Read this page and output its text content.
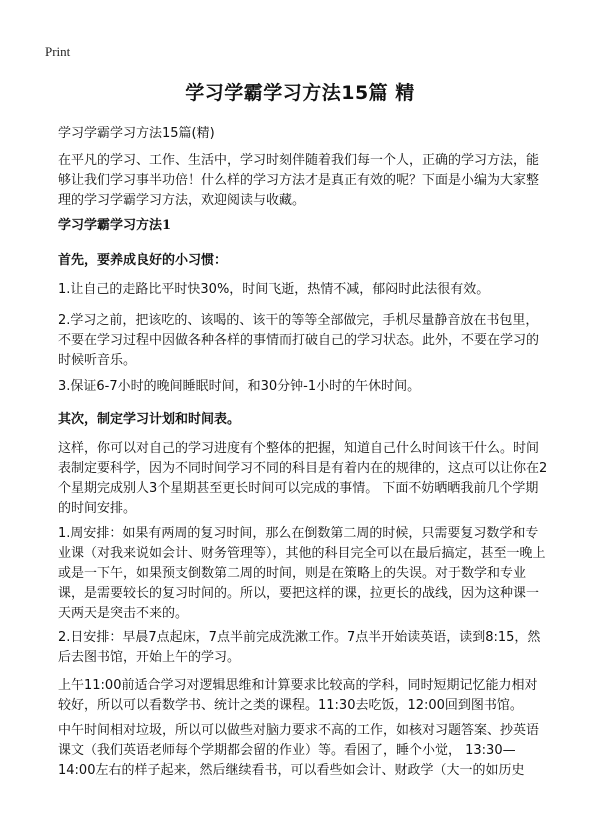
Print
学习学霸学习方法15篇 精
学习学霸学习方法15篇(精)

在平凡的学习、工作、生活中，学习时刻伴随着我们每一个人，正确的学习方法，能够让我们学习事半功倍！什么样的学习方法才是真正有效的呢？下面是小编为大家整理的学习学霸学习方法，欢迎阅读与收藏。

学习学霸学习方法1

首先，要养成良好的小习惯：

1.让自己的走路比平时快30%，时间飞逝，热情不减，郁闷时此法很有效。

2.学习之前，把该吃的、该喝的、该干的等等全部做完，手机尽量静音放在书包里，不要在学习过程中因做各种各样的事情而打破自己的学习状态。此外，不要在学习的时候听音乐。

3.保证6-7小时的晚间睡眠时间，和30分钟-1小时的午休时间。

其次，制定学习计划和时间表。

这样，你可以对自己的学习进度有个整体的把握，知道自己什么时间该干什么。时间表制定要科学，因为不同时间学习不同的科目是有着内在的规律的，这点可以让你在2个星期完成别人3个星期甚至更长时间可以完成的事情。 下面不妨晒晒我前几个学期的时间安排。

1.周安排：如果有两周的复习时间，那么在倒数第二周的时候，只需要复习数学和专业课（对我来说如会计、财务管理等），其他的科目完全可以在最后搞定，甚至一晚上或是一下午，如果预支倒数第二周的时间，则是在策略上的失误。对于数学和专业课，是需要较长的复习时间的。所以，要把这样的课，拉更长的战线，因为这种课一天两天是突击不来的。

2.日安排：早晨7点起床，7点半前完成洗漱工作。7点半开始读英语，读到8:15，然后去图书馆，开始上午的学习。

上午11:00前适合学习对逻辑思维和计算要求比较高的学科，同时短期记忆能力相对较好，所以可以看数学书、统计之类的课程。11:30去吃饭，12:00回到图书馆。

中午时间相对垃圾，所以可以做些对脑力要求不高的工作，如核对习题答案、抄英语课文（我们英语老师每个学期都会留的作业）等。看困了，睡个小觉， 13:30—14:00左右的样子起来，然后继续看书，可以看些如会计、财政学（大一的如历史
